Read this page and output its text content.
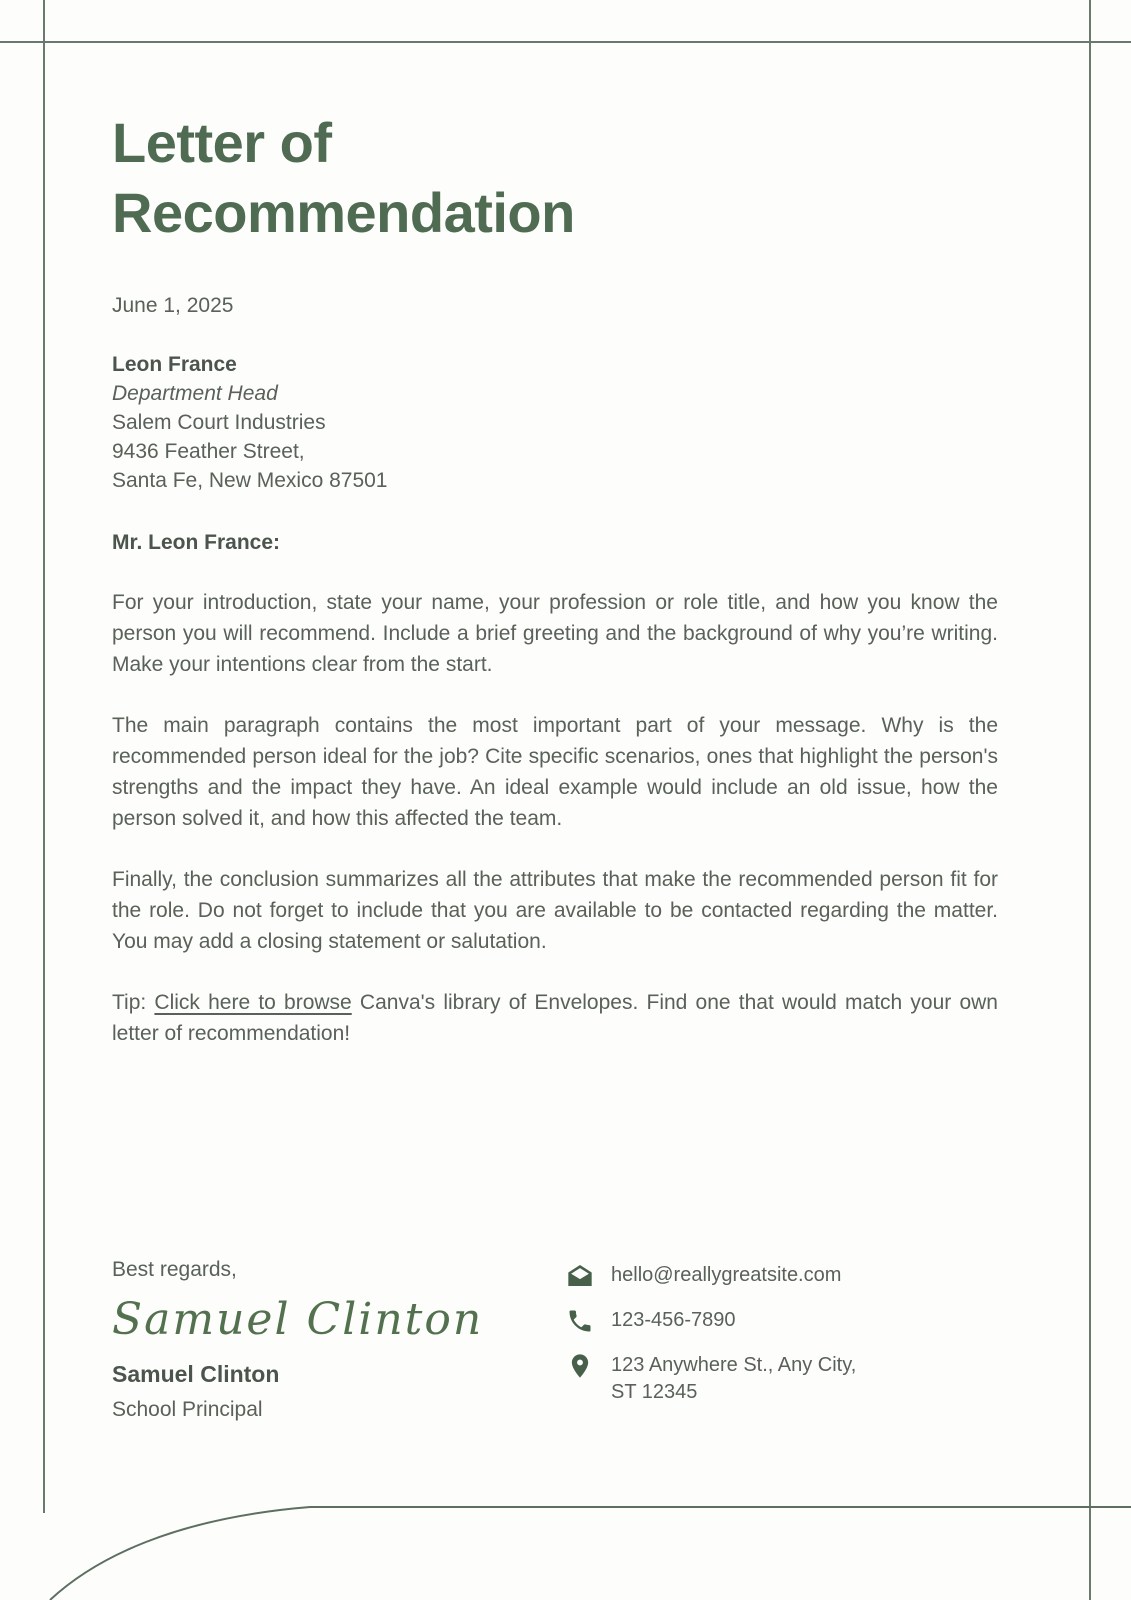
Letter of
Recommendation
June 1, 2025
Leon France
Department Head
Salem Court Industries
9436 Feather Street,
Santa Fe, New Mexico 87501
Mr. Leon France:

For your introduction, state your name, your profession or role title, and how you know the person you will recommend. Include a brief greeting and the background of why you’re writing. Make your intentions clear from the start.

The main paragraph contains the most important part of your message. Why is the recommended person ideal for the job? Cite specific scenarios, ones that highlight the person's strengths and the impact they have. An ideal example would include an old issue, how the person solved it, and how this affected the team.

Finally, the conclusion summarizes all the attributes that make the recommended person fit for the role. Do not forget to include that you are available to be contacted regarding the matter. You may add a closing statement or salutation.

Tip: Click here to browse Canva's library of Envelopes. Find one that would match your own letter of recommendation!

Best regards,
Samuel Clinton
Samuel Clinton
School Principal
hello@reallygreatsite.com
123-456-7890
123 Anywhere St., Any City,
ST 12345
